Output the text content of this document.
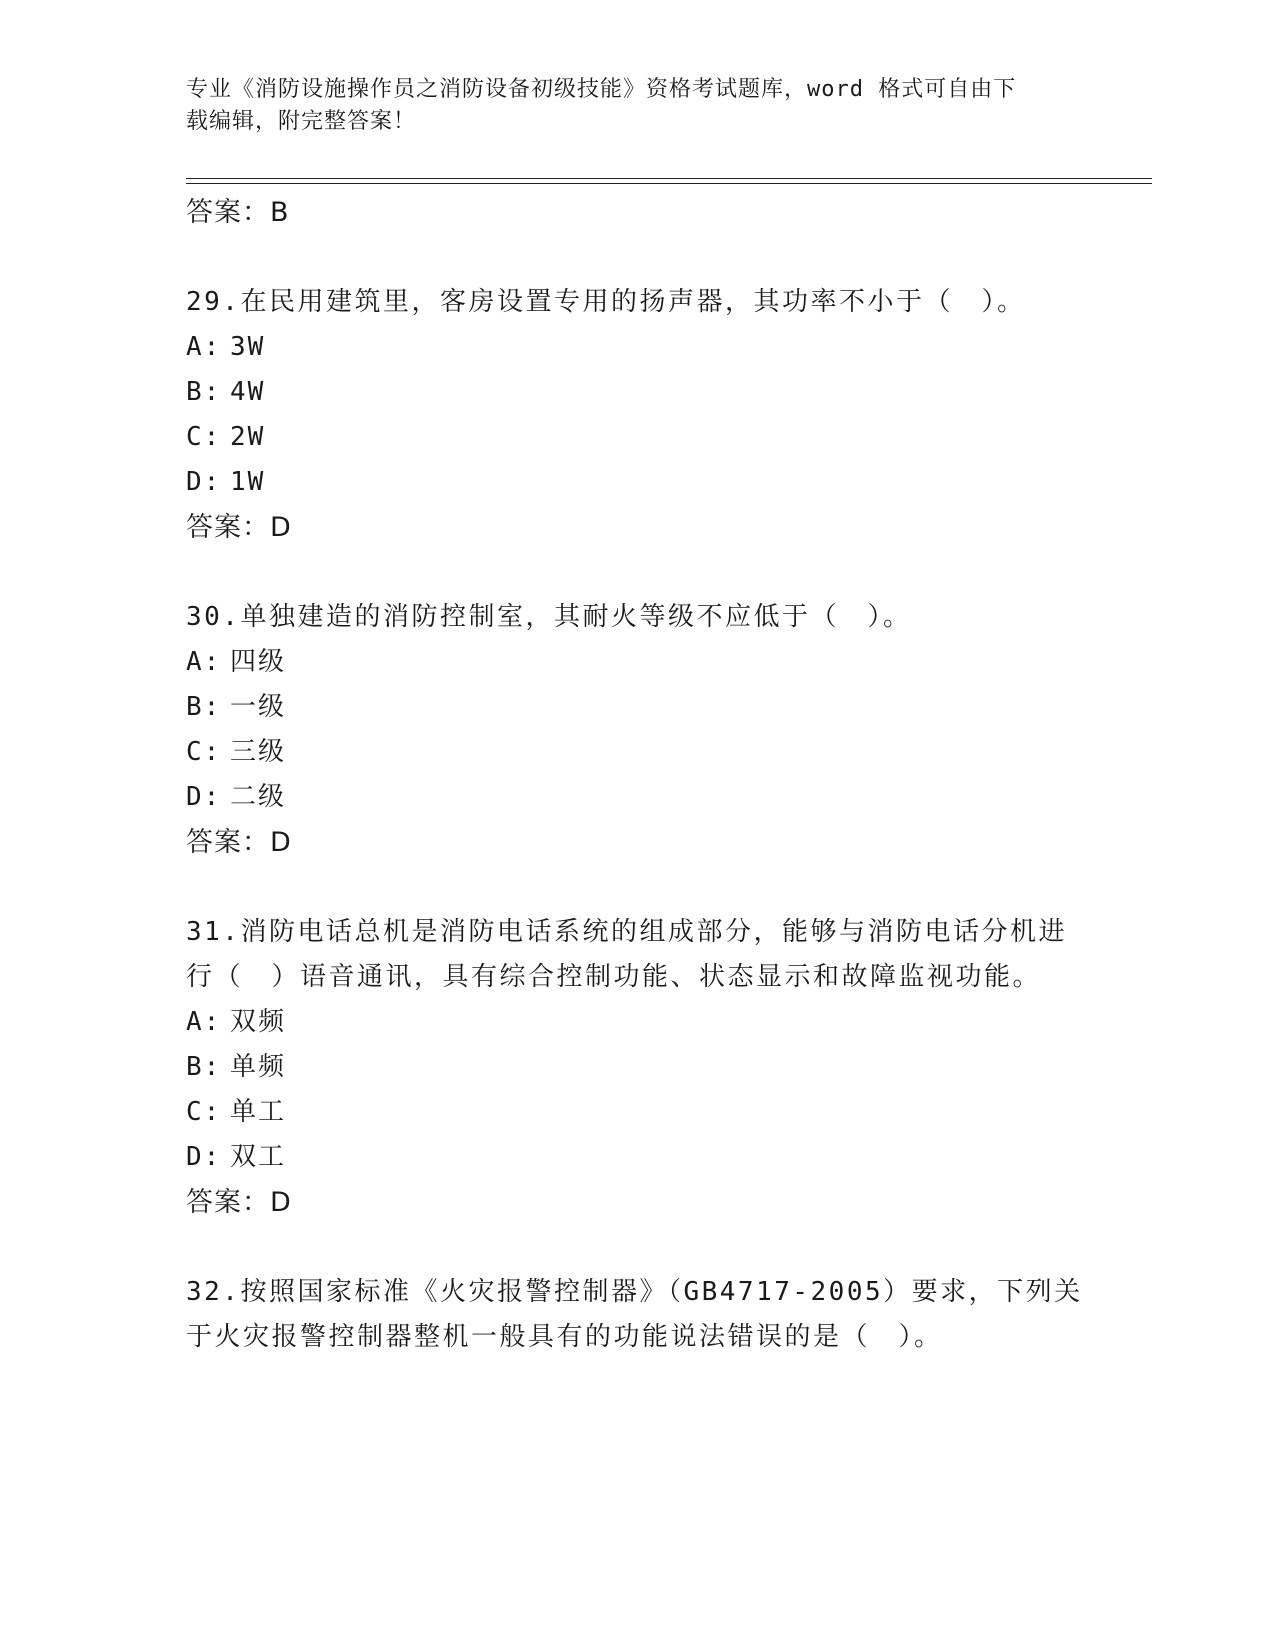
专业《消防设施操作员之消防设备初级技能》资格考试题库，word 格式可自由下
载编辑，附完整答案！
答案：B
29.在民用建筑里，客房设置专用的扬声器，其功率不小于（　）。
A: 3W
B: 4W
C: 2W
D: 1W
答案：D
30.单独建造的消防控制室，其耐火等级不应低于（　）。
A: 四级
B: 一级
C: 三级
D: 二级
答案：D
31.消防电话总机是消防电话系统的组成部分，能够与消防电话分机进
行（　）语音通讯，具有综合控制功能、状态显示和故障监视功能。
A: 双频
B: 单频
C: 单工
D: 双工
答案：D
32.按照国家标准《火灾报警控制器》（GB4717-2005）要求，下列关
于火灾报警控制器整机一般具有的功能说法错误的是（　）。
